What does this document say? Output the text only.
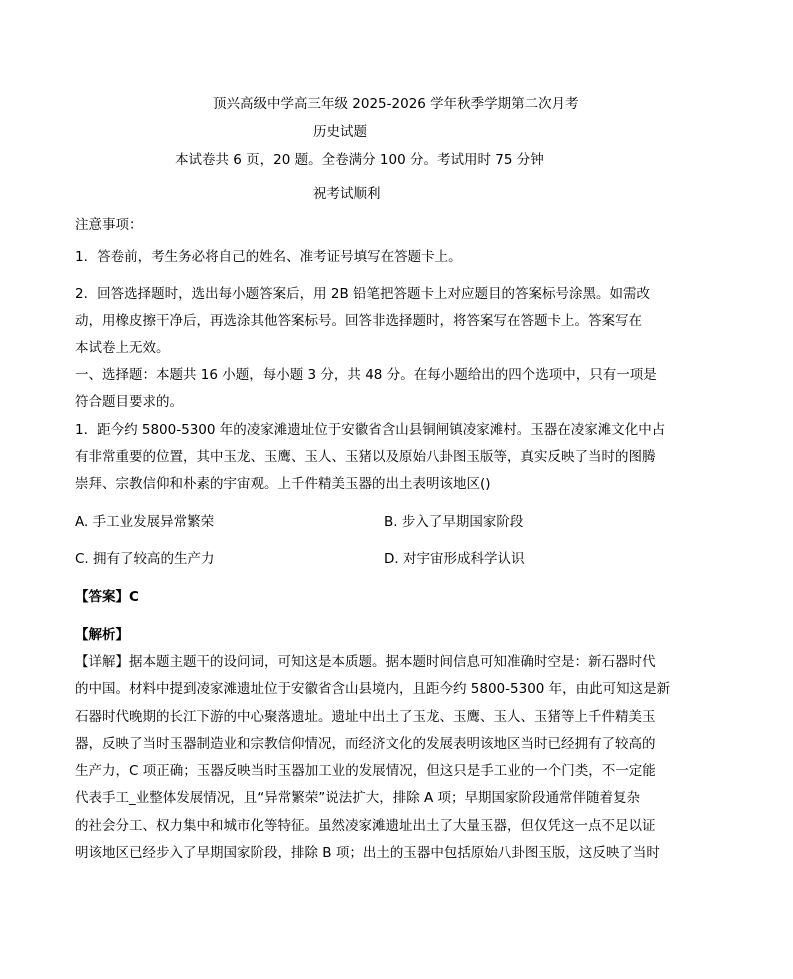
顶兴高级中学高三年级 2025-2026 学年秋季学期第二次月考
历史试题
本试卷共 6 页，20 题。全卷满分 100 分。考试用时 75 分钟
祝考试顺利
注意事项：
1．答卷前，考生务必将自己的姓名、准考证号填写在答题卡上。
2．回答选择题时，选出每小题答案后，用 2B 铅笔把答题卡上对应题目的答案标号涂黑。如需改
动，用橡皮擦干净后，再选涂其他答案标号。回答非选择题时，将答案写在答题卡上。答案写在
本试卷上无效。
一、选择题：本题共 16 小题，每小题 3 分，共 48 分。在每小题给出的四个选项中，只有一项是
符合题目要求的。
1．距今约 5800-5300 年的凌家滩遗址位于安徽省含山县铜闸镇凌家滩村。玉器在凌家滩文化中占
有非常重要的位置，其中玉龙、玉鹰、玉人、玉猪以及原始八卦图玉版等，真实反映了当时的图腾
崇拜、宗教信仰和朴素的宇宙观。上千件精美玉器的出土表明该地区()
A. 手工业发展异常繁荣	B. 步入了早期国家阶段
C. 拥有了较高的生产力	D. 对宇宙形成科学认识
【答案】C
【解析】
【详解】据本题主题干的设问词，可知这是本质题。据本题时间信息可知准确时空是：新石器时代
的中国。材料中提到凌家滩遗址位于安徽省含山县境内，且距今约 5800-5300 年，由此可知这是新
石器时代晚期的长江下游的中心聚落遗址。遗址中出土了玉龙、玉鹰、玉人、玉猪等上千件精美玉
器，反映了当时玉器制造业和宗教信仰情况，而经济文化的发展表明该地区当时已经拥有了较高的
生产力，C 项正确；玉器反映当时玉器加工业的发展情况，但这只是手工业的一个门类，不一定能
代表手工_业整体发展情况，且“异常繁荣”说法扩大，排除 A 项；早期国家阶段通常伴随着复杂
的社会分工、权力集中和城市化等特征。虽然凌家滩遗址出土了大量玉器，但仅凭这一点不足以证
明该地区已经步入了早期国家阶段，排除 B 项；出土的玉器中包括原始八卦图玉版，这反映了当时
